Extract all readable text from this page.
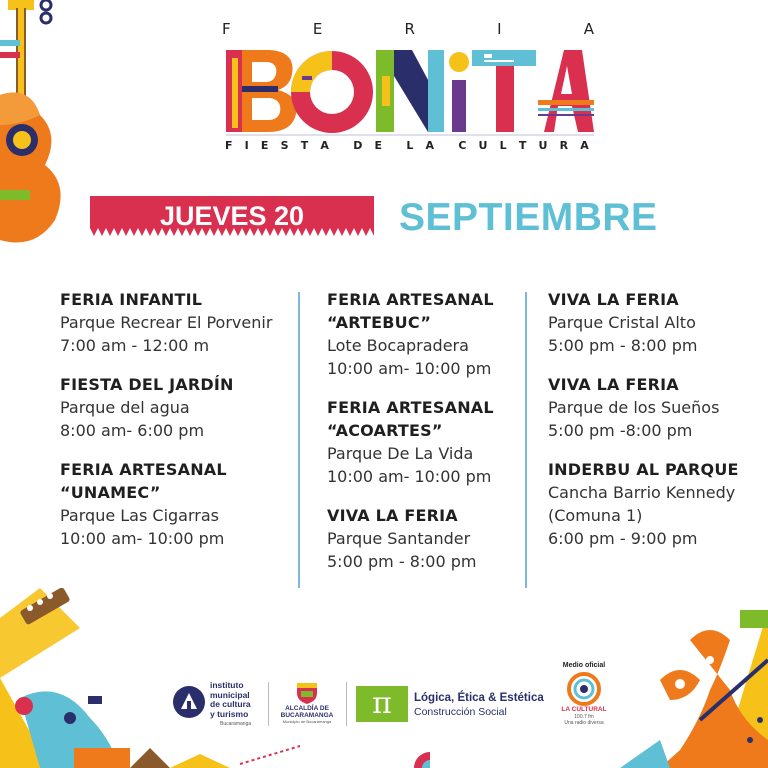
F	E	R	I	A
F I E S T A D E L A C U L T U R A
JUEVES 20	SEPTIEMBRE
FERIA INFANTIL
Parque Recrear El Porvenir
7:00 am - 12:00 m
FIESTA DEL JARDÍN
Parque del agua
8:00 am- 6:00 pm
FERIA ARTESANAL
“UNAMEC”
Parque Las Cigarras
10:00 am- 10:00 pm
FERIA ARTESANAL
“ARTEBUC”
Lote Bocapradera
10:00 am- 10:00 pm
FERIA ARTESANAL
“ACOARTES”
Parque De La Vida
10:00 am- 10:00 pm
VIVA LA FERIA
Parque Santander
5:00 pm - 8:00 pm
VIVA LA FERIA
Parque Cristal Alto
5:00 pm - 8:00 pm
VIVA LA FERIA
Parque de los Sueños
5:00 pm -8:00 pm
INDERBU AL PARQUE
Cancha Barrio Kennedy
(Comuna 1)
6:00 pm - 9:00 pm
instituto
municipal
de cultura
y turismo
Bucaramanga
ALCALDÍA DE
BUCARAMANGA
Municipio de Bucaramanga
π	Lógica, Ética & Estética
Construcción Social
Medio oficial
LA CULTURAL
100.7 fm
Una radio diversa
